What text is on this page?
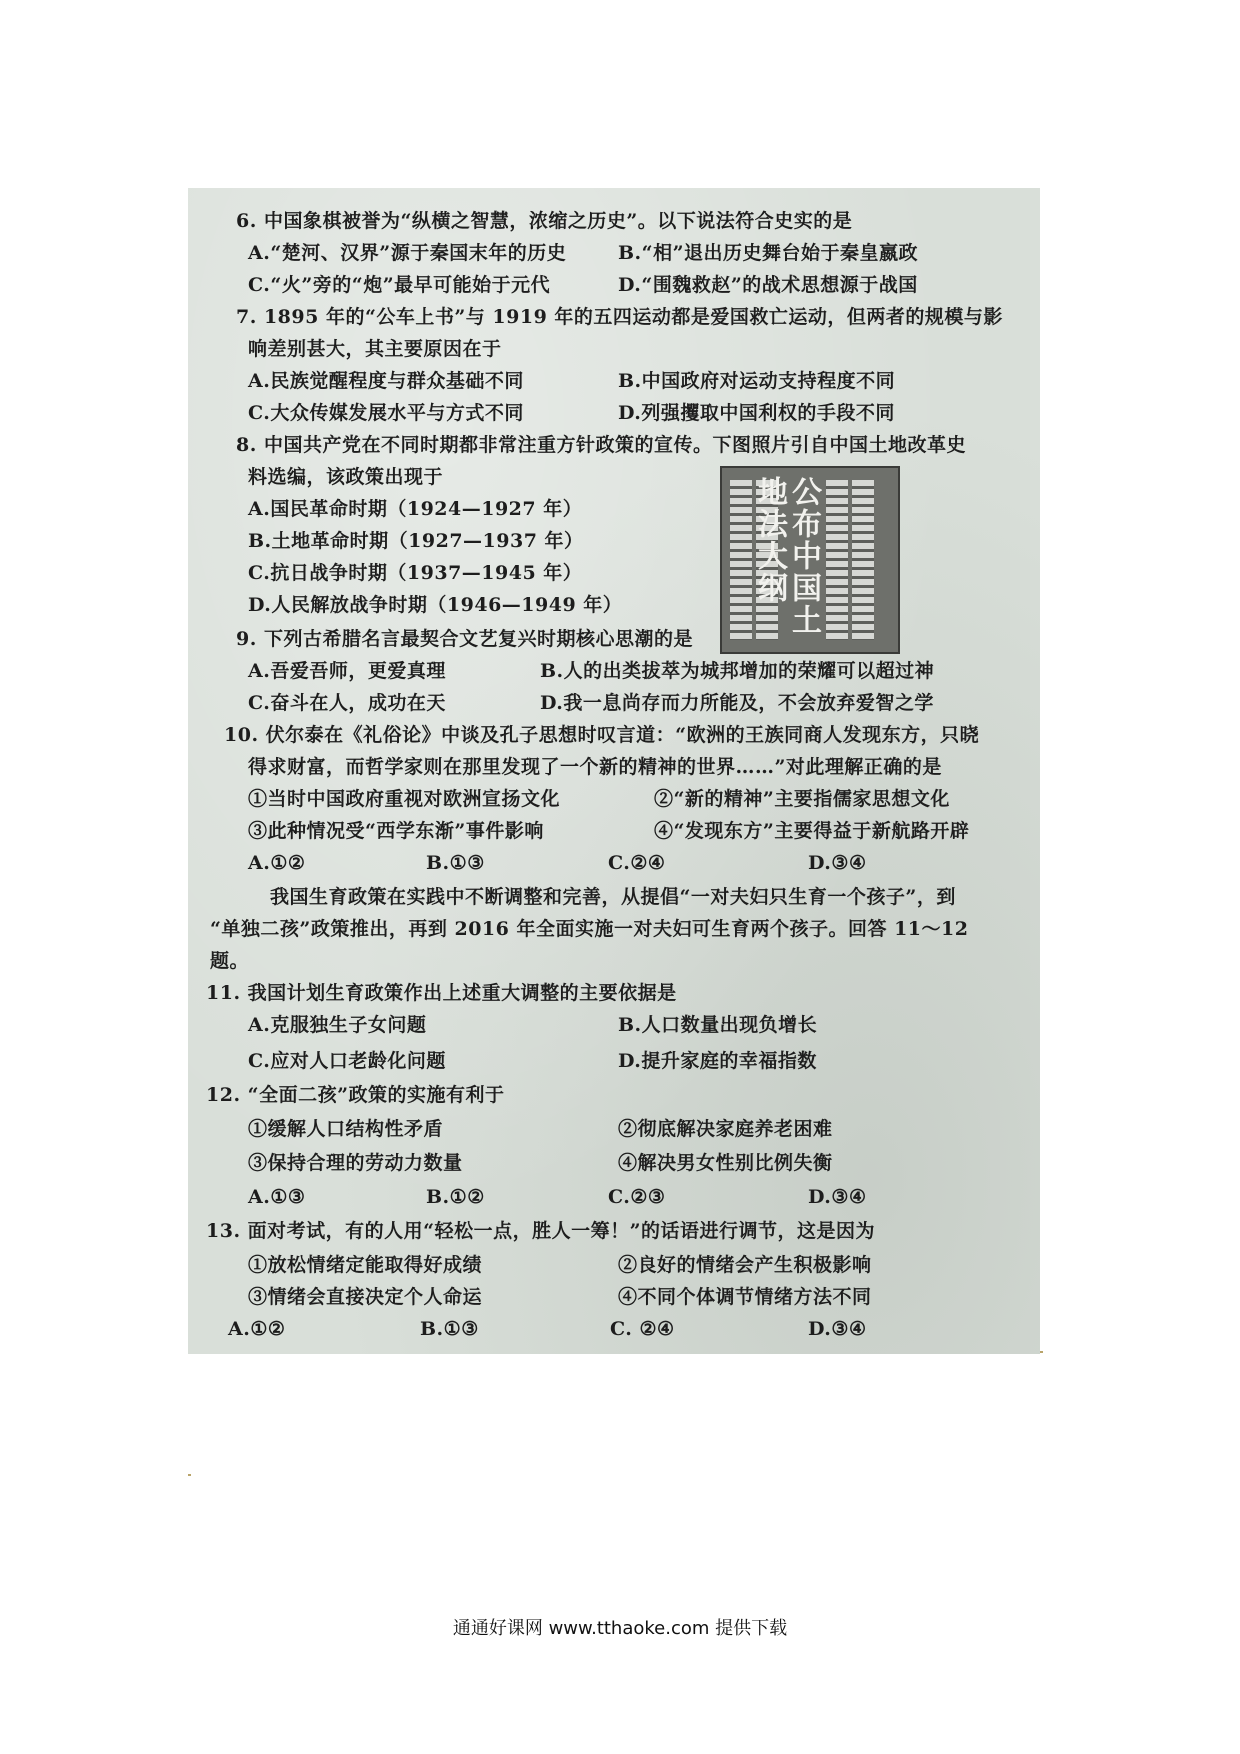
6. 中国象棋被誉为“纵横之智慧，浓缩之历史”。以下说法符合史实的是
A.“楚河、汉界”源于秦国末年的历史	B.“相”退出历史舞台始于秦皇嬴政
C.“火”旁的“炮”最早可能始于元代	D.“围魏救赵”的战术思想源于战国
7. 1895 年的“公车上书”与 1919 年的五四运动都是爱国救亡运动，但两者的规模与影
响差别甚大，其主要原因在于
A.民族觉醒程度与群众基础不同	B.中国政府对运动支持程度不同
C.大众传媒发展水平与方式不同	D.列强攫取中国利权的手段不同
8. 中国共产党在不同时期都非常注重方针政策的宣传。下图照片引自中国土地改革史
料选编，该政策出现于
A.国民革命时期（1924—1927 年）
B.土地革命时期（1927—1937 年）
C.抗日战争时期（1937—1945 年）
D.人民解放战争时期（1946—1949 年）	公布中国土地法大纲
9. 下列古希腊名言最契合文艺复兴时期核心思潮的是
A.吾爱吾师，更爱真理	B.人的出类拔萃为城邦增加的荣耀可以超过神
C.奋斗在人，成功在天	D.我一息尚存而力所能及，不会放弃爱智之学
10. 伏尔泰在《礼俗论》中谈及孔子思想时叹言道：“欧洲的王族同商人发现东方，只晓
得求财富，而哲学家则在那里发现了一个新的精神的世界……”对此理解正确的是
①当时中国政府重视对欧洲宣扬文化	②“新的精神”主要指儒家思想文化
③此种情况受“西学东渐”事件影响	④“发现东方”主要得益于新航路开辟
A.①②	B.①③	C.②④	D.③④
我国生育政策在实践中不断调整和完善，从提倡“一对夫妇只生育一个孩子”，到
“单独二孩”政策推出，再到 2016 年全面实施一对夫妇可生育两个孩子。回答 11～12
题。
11. 我国计划生育政策作出上述重大调整的主要依据是
A.克服独生子女问题	B.人口数量出现负增长
C.应对人口老龄化问题	D.提升家庭的幸福指数
12. “全面二孩”政策的实施有利于
①缓解人口结构性矛盾	②彻底解决家庭养老困难
③保持合理的劳动力数量	④解决男女性别比例失衡
A.①③	B.①②	C.②③	D.③④
13. 面对考试，有的人用“轻松一点，胜人一筹！”的话语进行调节，这是因为
①放松情绪定能取得好成绩	②良好的情绪会产生积极影响
③情绪会直接决定个人命运	④不同个体调节情绪方法不同
A.①②	B.①③	C. ②④	D.③④
通通好课网 www.tthaoke.com 提供下载
